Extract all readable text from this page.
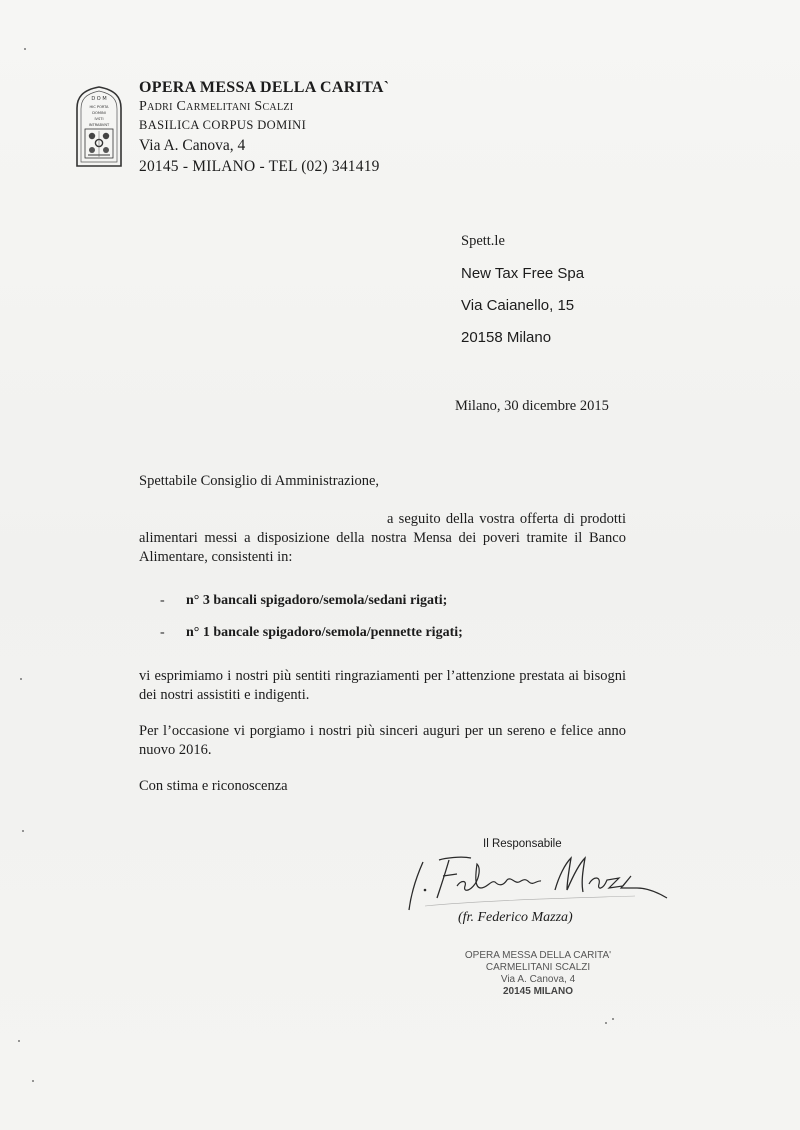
D O M
HIC PORTA
DOMINI
IVSTI
INTRABVNT
OPERA MESSA DELLA CARITA`
Padri Carmelitani Scalzi
BASILICA CORPUS DOMINI
Via A. Canova, 4
20145 - MILANO - TEL (02) 341419
Spett.le
New Tax Free Spa
Via Caianello, 15
20158 Milano
Milano, 30 dicembre 2015
Spettabile Consiglio di Amministrazione,
a seguito della vostra offerta di prodotti alimentari messi a disposizione della nostra Mensa dei poveri tramite il Banco Alimentare, consistenti in:
-	n° 3 bancali spigadoro/semola/sedani rigati;
-	n° 1 bancale spigadoro/semola/pennette rigati;
vi esprimiamo i nostri più sentiti ringraziamenti per l’attenzione prestata ai bisogni dei nostri assistiti e indigenti.
Per l’occasione vi porgiamo i nostri più sinceri auguri per un sereno e felice anno nuovo 2016.
Con stima e riconoscenza
Il Responsabile
(fr. Federico Mazza)
OPERA MESSA DELLA CARITA'
CARMELITANI SCALZI
Via A. Canova, 4
20145 MILANO
